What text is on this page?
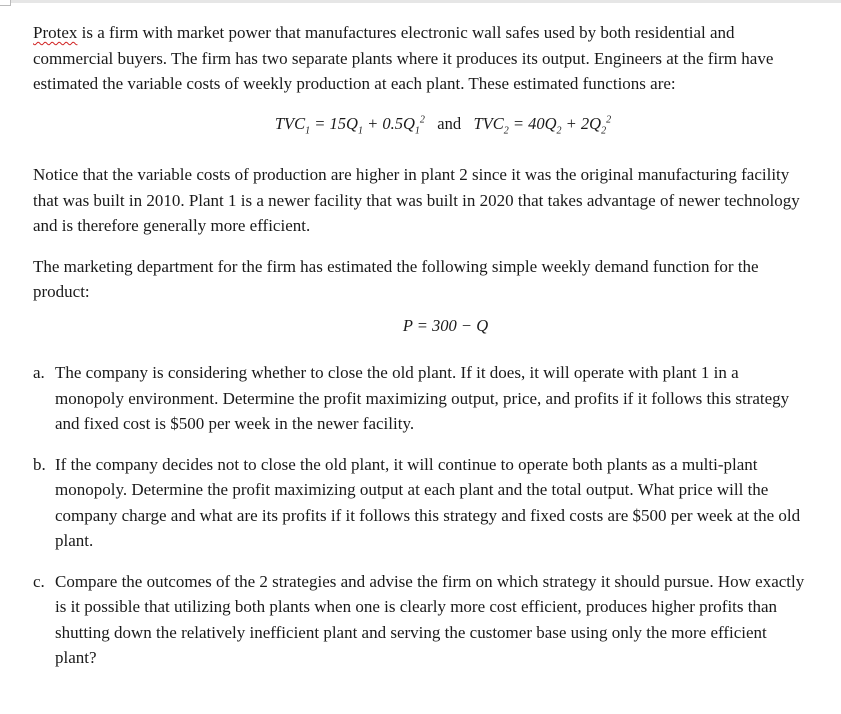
Protex is a firm with market power that manufactures electronic wall safes used by both residential and commercial buyers. The firm has two separate plants where it produces its output. Engineers at the firm have estimated the variable costs of weekly production at each plant. These estimated functions are:

$TVC_1 = 15Q_1 + 0.5Q_1^2$ and $TVC_2 = 40Q_2 + 2Q_2^2$

Notice that the variable costs of production are higher in plant 2 since it was the original manufacturing facility that was built in 2010. Plant 1 is a newer facility that was built in 2020 that takes advantage of newer technology and is therefore generally more efficient.

The marketing department for the firm has estimated the following simple weekly demand function for the product:

P = 300 − Q
a. The company is considering whether to close the old plant. If it does, it will operate with plant 1 in a monopoly environment. Determine the profit maximizing output, price, and profits if it follows this strategy and fixed cost is $500 per week in the newer facility.
b. If the company decides not to close the old plant, it will continue to operate both plants as a multi-plant monopoly. Determine the profit maximizing output at each plant and the total output. What price will the company charge and what are its profits if it follows this strategy and fixed costs are $500 per week at the old plant.
c. Compare the outcomes of the 2 strategies and advise the firm on which strategy it should pursue. How exactly is it possible that utilizing both plants when one is clearly more cost efficient, produces higher profits than shutting down the relatively inefficient plant and serving the customer base using only the more efficient plant?
